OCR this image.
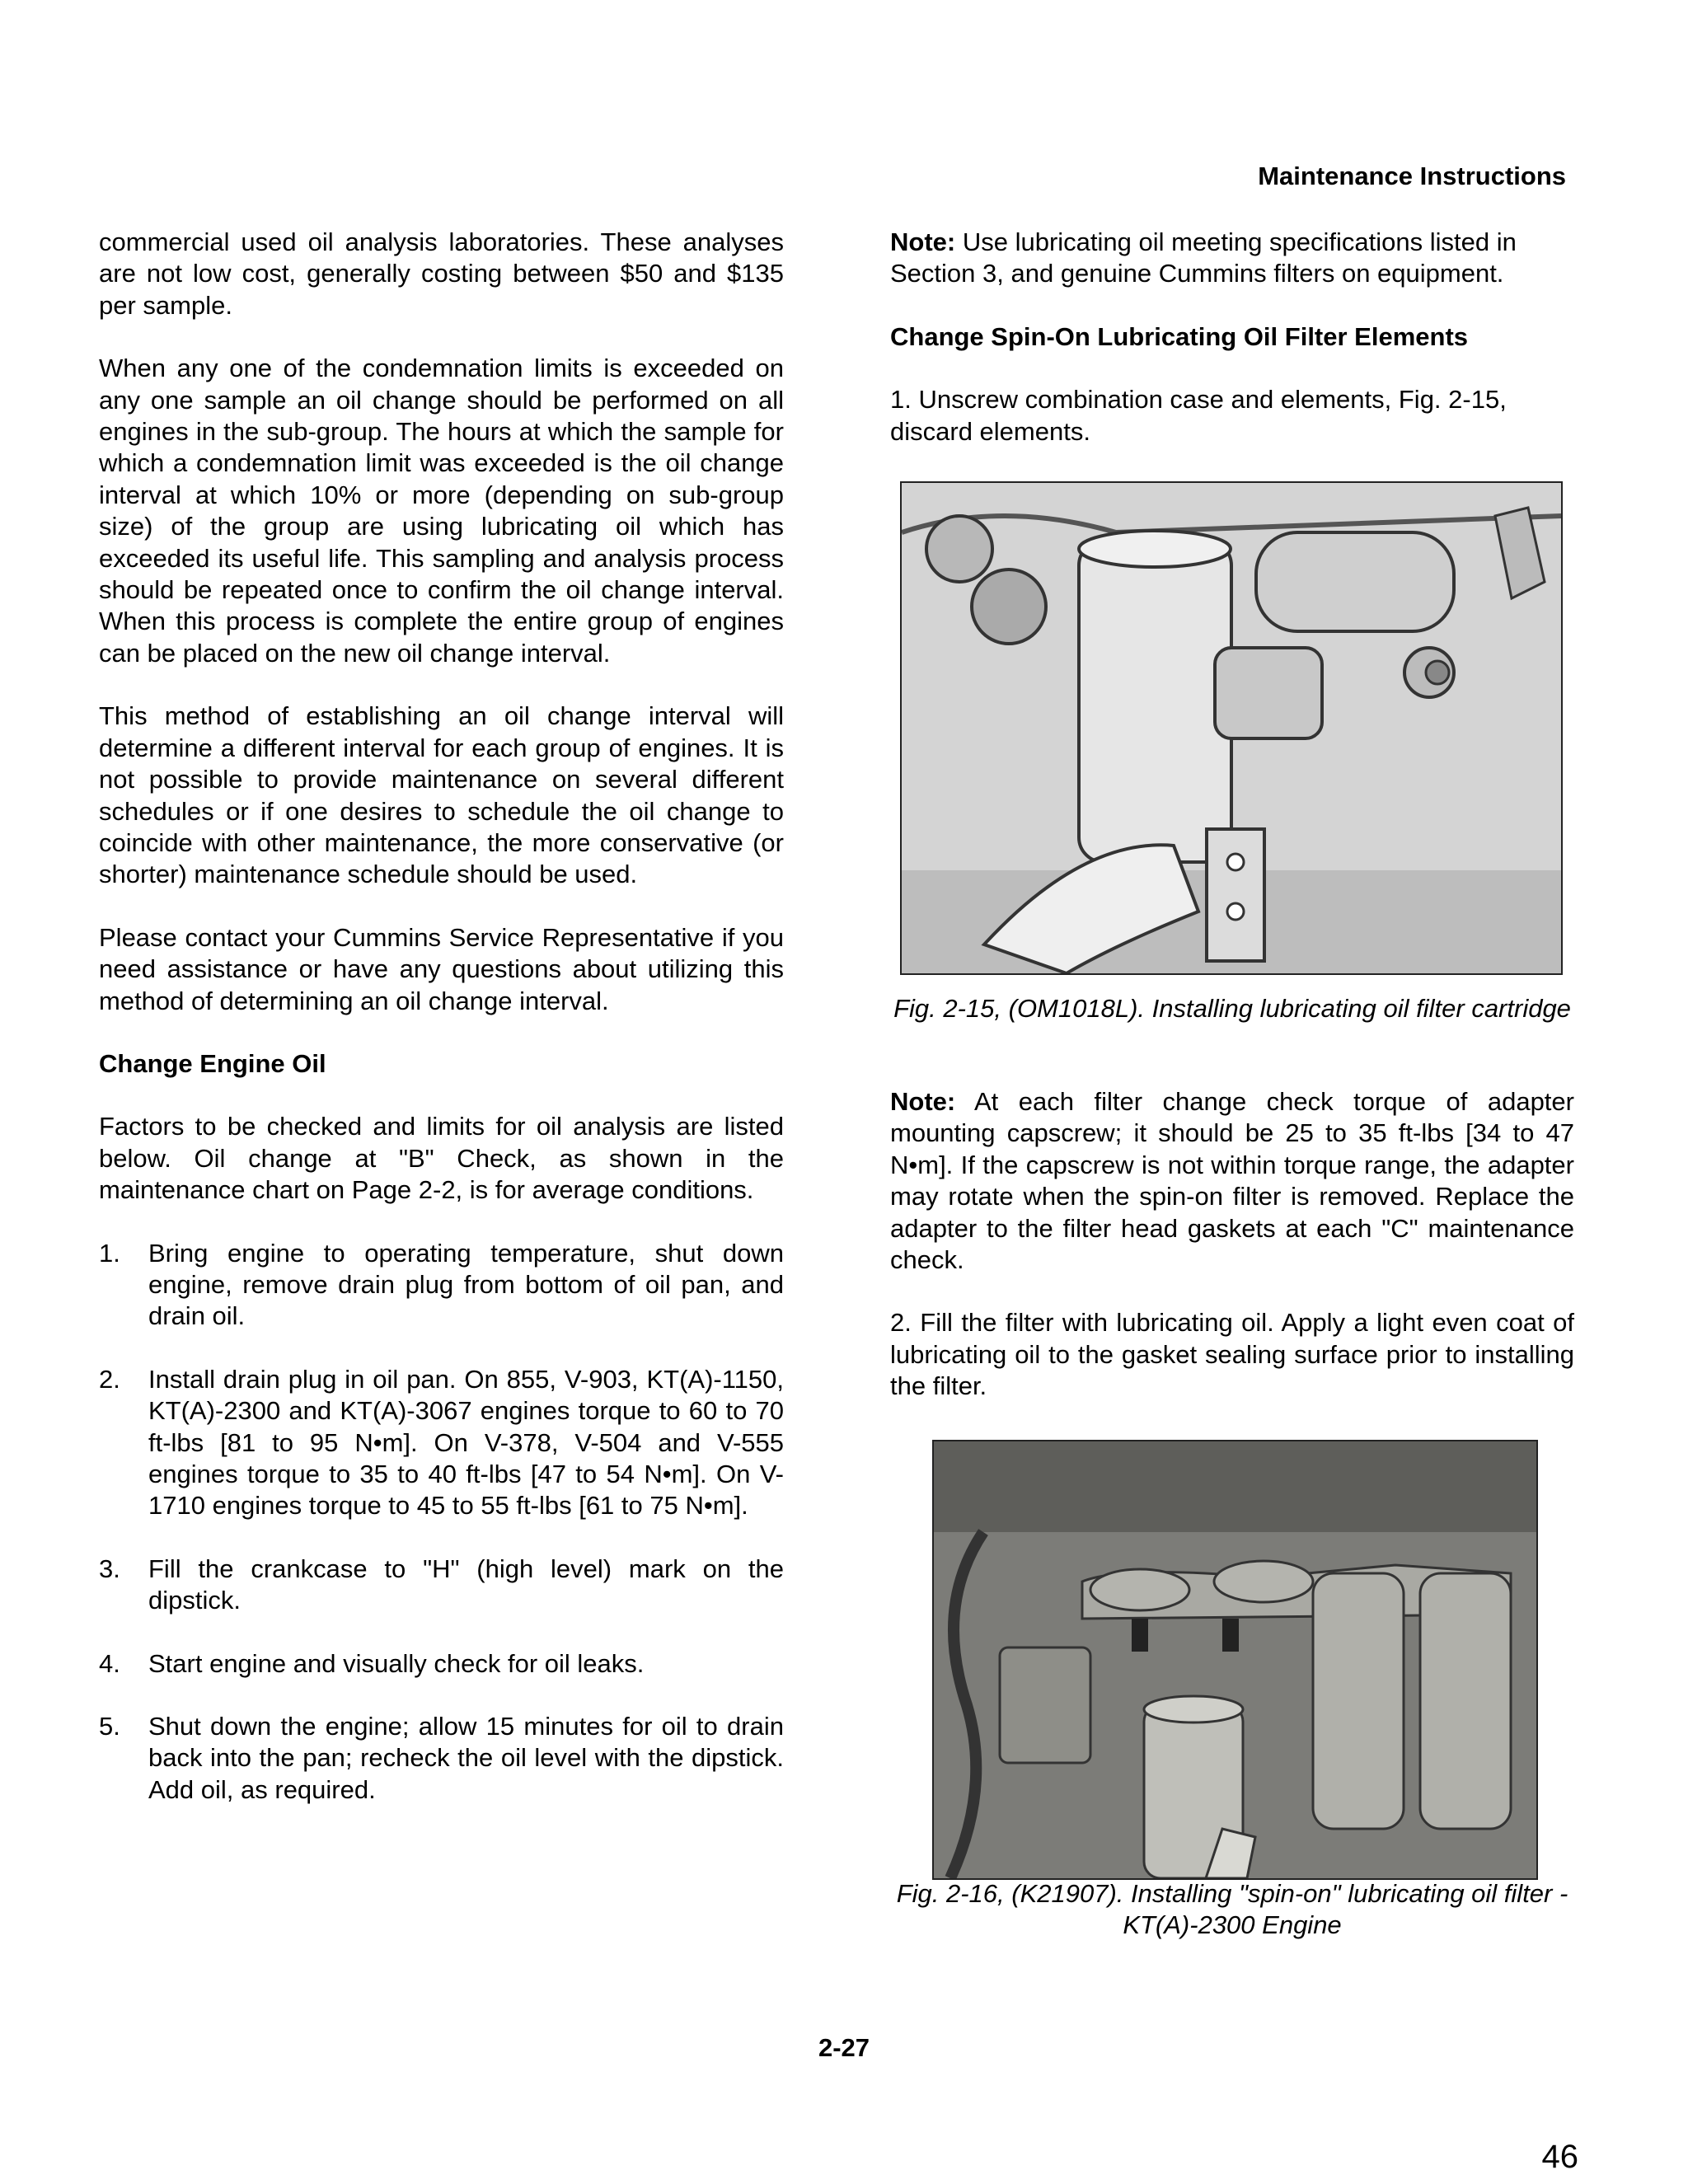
Maintenance Instructions

commercial used oil analysis laboratories. These analyses are not low cost, generally costing between $50 and $135 per sample.

When any one of the condemnation limits is exceeded on any one sample an oil change should be performed on all engines in the sub-group. The hours at which the sample for which a condemnation limit was exceeded is the oil change interval at which 10% or more (depending on sub-group size) of the group are using lubricating oil which has exceeded its useful life. This sampling and analysis process should be repeated once to confirm the oil change interval. When this process is complete the entire group of engines can be placed on the new oil change interval.

This method of establishing an oil change interval will determine a different interval for each group of engines. It is not possible to provide maintenance on several different schedules or if one desires to schedule the oil change to coincide with other maintenance, the more conservative (or shorter) maintenance schedule should be used.

Please contact your Cummins Service Representative if you need assistance or have any questions about utilizing this method of determining an oil change interval.

Change Engine Oil

Factors to be checked and limits for oil analysis are listed below. Oil change at "B" Check, as shown in the maintenance chart on Page 2-2, is for average conditions.

1. Bring engine to operating temperature, shut down engine, remove drain plug from bottom of oil pan, and drain oil.
2. Install drain plug in oil pan. On 855, V-903, KT(A)-1150, KT(A)-2300 and KT(A)-3067 engines torque to 60 to 70 ft-lbs [81 to 95 N•m]. On V-378, V-504 and V-555 engines torque to 35 to 40 ft-lbs [47 to 54 N•m]. On V-1710 engines torque to 45 to 55 ft-lbs [61 to 75 N•m].
3. Fill the crankcase to "H" (high level) mark on the dipstick.
4. Start engine and visually check for oil leaks.
5. Shut down the engine; allow 15 minutes for oil to drain back into the pan; recheck the oil level with the dipstick. Add oil, as required.

Note: Use lubricating oil meeting specifications listed in Section 3, and genuine Cummins filters on equipment.

Change Spin-On Lubricating Oil Filter Elements

1. Unscrew combination case and elements, Fig. 2-15, discard elements.

Fig. 2-15, (OM1018L). Installing lubricating oil filter cartridge

Note: At each filter change check torque of adapter mounting capscrew; it should be 25 to 35 ft-lbs [34 to 47 N•m]. If the capscrew is not within torque range, the adapter may rotate when the spin-on filter is removed. Replace the adapter to the filter head gaskets at each "C" maintenance check.

2. Fill the filter with lubricating oil. Apply a light even coat of lubricating oil to the gasket sealing surface prior to installing the filter.

Fig. 2-16, (K21907). Installing "spin-on" lubricating oil filter - KT(A)-2300 Engine
2-27
46
